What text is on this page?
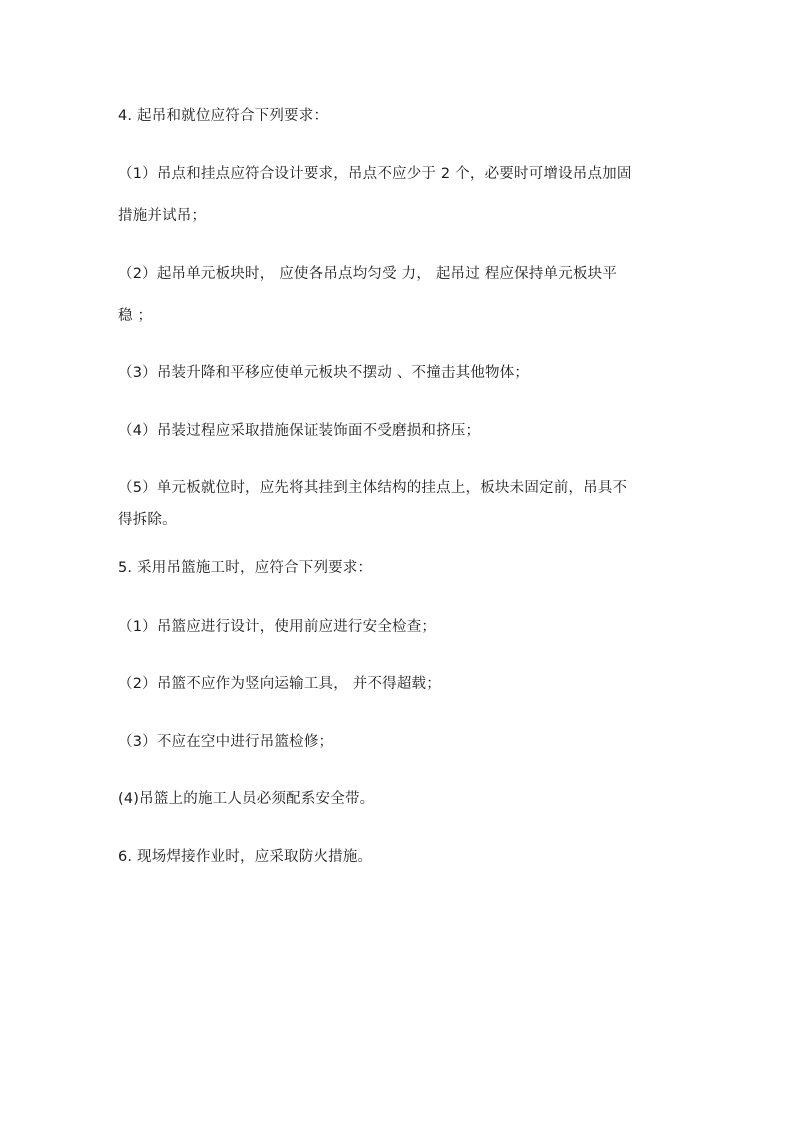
4. 起吊和就位应符合下列要求：
（1）吊点和挂点应符合设计要求，吊点不应少于 2 个，必要时可增设吊点加固
措施并试吊；
（2）起吊单元板块时， 应使各吊点均匀受 力， 起吊过 程应保持单元板块平
稳 ；
（3）吊装升降和平移应使单元板块不摆动 、不撞击其他物体；
（4）吊装过程应采取措施保证装饰面不受磨损和挤压；
（5）单元板就位时，应先将其挂到主体结构的挂点上，板块未固定前，吊具不
得拆除。
5. 采用吊篮施工时，应符合下列要求：
（1）吊篮应进行设计，使用前应进行安全检查；
（2）吊篮不应作为竖向运输工具， 并不得超载；
（3）不应在空中进行吊篮检修；
(4)吊篮上的施工人员必须配系安全带。
6. 现场焊接作业时，应采取防火措施。
